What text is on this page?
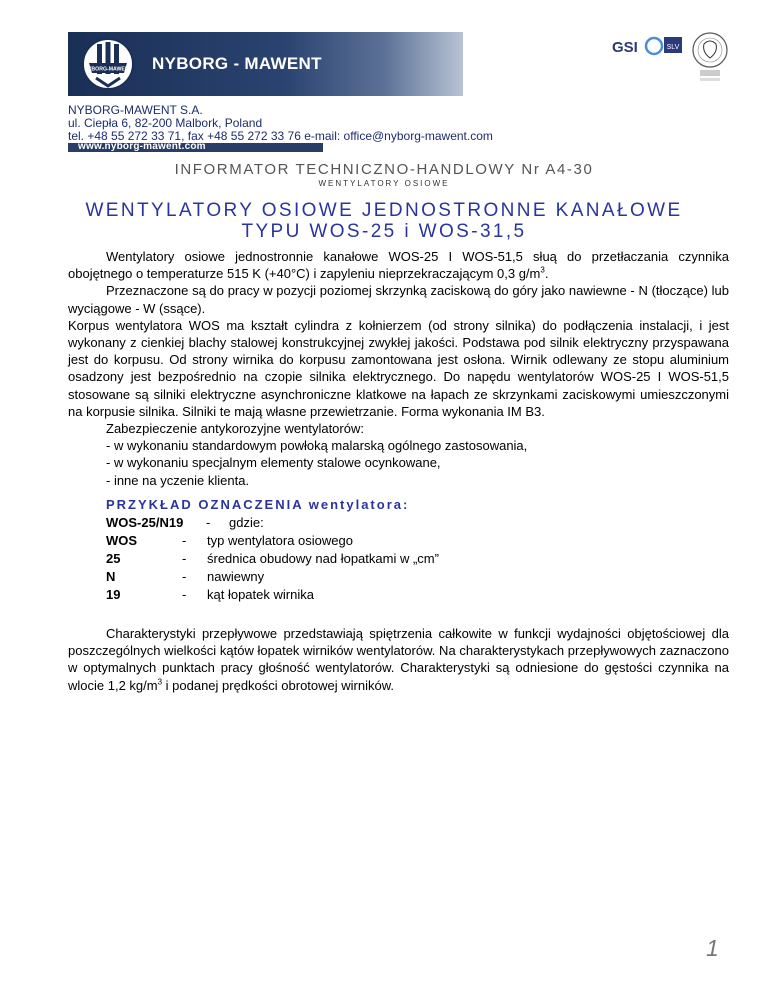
NYBORG-MAWENT NYBORG - MAWENT
GSI	SLV
NYBORG-MAWENT S.A.
ul. Ciepła 6, 82-200 Malbork, Poland
tel. +48 55 272 33 71, fax +48 55 272 33 76 e-mail: office@nyborg-mawent.com
www.nyborg-mawent.com
INFORMATOR TECHNICZNO-HANDLOWY Nr A4-30
WENTYLATORY OSIOWE
WENTYLATORY OSIOWE JEDNOSTRONNE KANAŁOWE
TYPU WOS-25 i WOS-31,5

Wentylatory osiowe jednostronnie kanałowe WOS-25 I WOS-51,5 słuą do przetłaczania czynnika obojętnego o temperaturze 515 K (+40°C) i zapyleniu nieprzekraczającym 0,3 $g/m^3$.

Przeznaczone są do pracy w pozycji poziomej skrzynką zaciskową do góry jako nawiewne - N (tłoczące) lub wyciągowe - W (ssące).

Korpus wentylatora WOS ma kształt cylindra z kołnierzem (od strony silnika) do podłączenia instalacji, i jest wykonany z cienkiej blachy stalowej konstrukcyjnej zwykłej jakości. Podstawa pod silnik elektryczny przyspawana jest do korpusu. Od strony wirnika do korpusu zamontowana jest osłona. Wirnik odlewany ze stopu aluminium osadzony jest bezpośrednio na czopie silnika elektrycznego. Do napędu wentylatorów WOS-25 I WOS-51,5 stosowane są silniki elektryczne asynchroniczne klatkowe na łapach ze skrzynkami zaciskowymi umieszczonymi na korpusie silnika. Silniki te mają własne przewietrzanie. Forma wykonania IM B3.

Zabezpieczenie antykorozyjne wentylatorów:

- w wykonaniu standardowym powłoką malarską ogólnego zastosowania,

- w wykonaniu specjalnym elementy stalowe ocynkowane,

- inne na yczenie klienta.

PRZYKŁAD OZNACZENIA wentylatora:
WOS-25/N19 - gdzie:
WOS	- typ wentylatora osiowego
25	- średnica obudowy nad łopatkami w „cm”
N	- nawiewny
19	- kąt łopatek wirnika

Charakterystyki przepływowe przedstawiają spiętrzenia całkowite w funkcji wydajności objętościowej dla poszczególnych wielkości kątów łopatek wirników wentylatorów. Na charakterystykach przepływowych zaznaczono w optymalnych punktach pracy głośność wentylatorów. Charakterystyki są odniesione do gęstości czynnika na wlocie 1,2 $kg/m^3$ i podanej prędkości obrotowej wirników.

1
